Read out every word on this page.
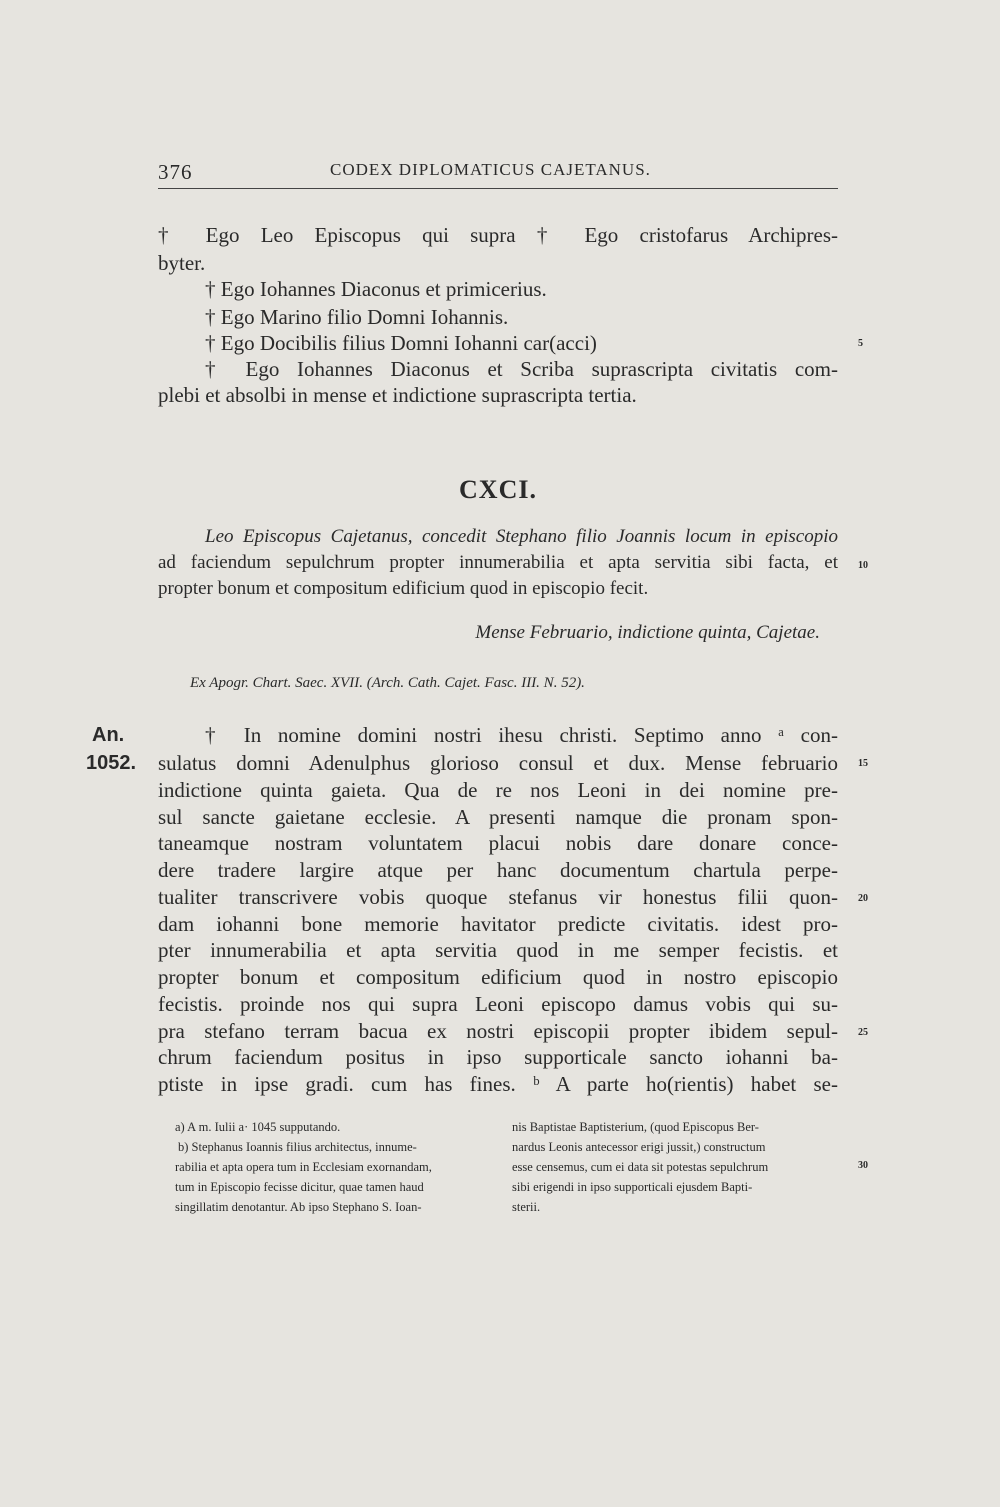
376	CODEX DIPLOMATICUS CAJETANUS.
† Ego Leo Episcopus qui supra † Ego cristofarus Archipres-
byter.
† Ego Iohannes Diaconus et primicerius.
† Ego Marino filio Domni Iohannis.
† Ego Docibilis filius Domni Iohanni car(acci)
† Ego Iohannes Diaconus et Scriba suprascripta civitatis com-
plebi et absolbi in mense et indictione suprascripta tertia.
5
CXCI.
Leo Episcopus Cajetanus, concedit Stephano filio Joannis locum in episcopio
ad faciendum sepulchrum propter innumerabilia et apta servitia sibi facta, et
propter bonum et compositum edificium quod in episcopio fecit.
10
Mense Februario, indictione quinta, Cajetae.
Ex Apogr. Chart. Saec. XVII. (Arch. Cath. Cajet. Fasc. III. N. 52).
An.
1052.
† In nomine domini nostri ihesu christi. Septimo anno ᵃ con-
sulatus domni Adenulphus glorioso consul et dux. Mense februario
indictione quinta gaieta. Qua de re nos Leoni in dei nomine pre-
sul sancte gaietane ecclesie. A presenti namque die pronam spon-
taneamque nostram voluntatem placui nobis dare donare conce-
dere tradere largire atque per hanc documentum chartula perpe-
tualiter transcrivere vobis quoque stefanus vir honestus filii quon-
dam iohanni bone memorie havitator predicte civitatis. idest pro-
pter innumerabilia et apta servitia quod in me semper fecistis. et
propter bonum et compositum edificium quod in nostro episcopio
fecistis. proinde nos qui supra Leoni episcopo damus vobis qui su-
pra stefano terram bacua ex nostri episcopii propter ibidem sepul-
chrum faciendum positus in ipso supporticale sancto iohanni ba-
ptiste in ipse gradi. cum has fines. ᵇ A parte ho(rientis) habet se-
15
20
25
30
a) A m. Iulii a· 1045 supputando.
b) Stephanus Ioannis filius architectus, innume-
rabilia et apta opera tum in Ecclesiam exornandam,
tum in Episcopio fecisse dicitur, quae tamen haud
singillatim denotantur. Ab ipso Stephano S. Ioan-
nis Baptistae Baptisterium, (quod Episcopus Ber-
nardus Leonis antecessor erigi jussit,) constructum
esse censemus, cum ei data sit potestas sepulchrum
sibi erigendi in ipso supporticali ejusdem Bapti-
sterii.
